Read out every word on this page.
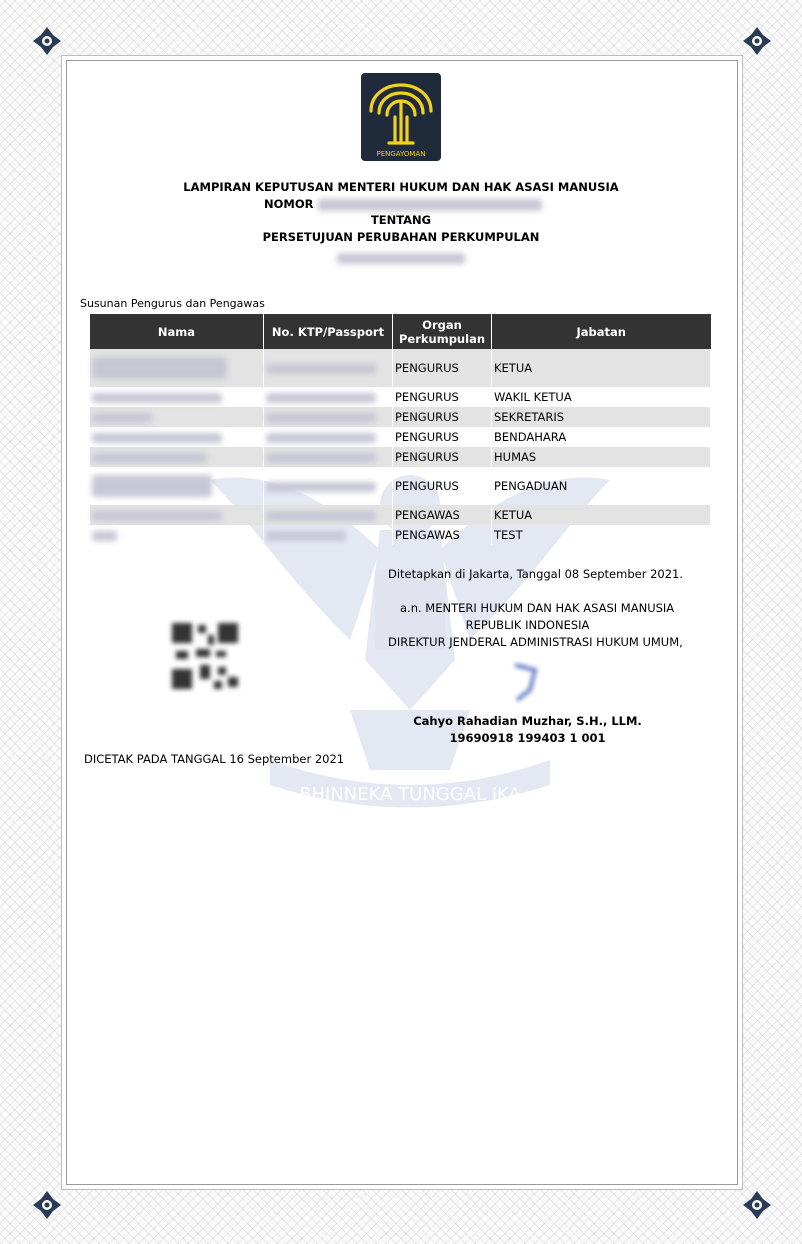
BHINNEKA TUNGGAL IKA
PENGAYOMAN
LAMPIRAN KEPUTUSAN MENTERI HUKUM DAN HAK ASASI MANUSIA
NOMOR
TENTANG
PERSETUJUAN PERUBAHAN PERKUMPULAN
Susunan Pengurus dan Pengawas
Nama	No. KTP/Passport	Organ Perkumpulan	Jabatan
		PENGURUS	KETUA
		PENGURUS	WAKIL KETUA
		PENGURUS	SEKRETARIS
		PENGURUS	BENDAHARA
		PENGURUS	HUMAS
		PENGURUS	PENGADUAN
		PENGAWAS	KETUA
		PENGAWAS	TEST
Ditetapkan di Jakarta, Tanggal 08 September 2021.
a.n. MENTERI HUKUM DAN HAK ASASI MANUSIA
REPUBLIK INDONESIA
DIREKTUR JENDERAL ADMINISTRASI HUKUM UMUM,
Cahyo Rahadian Muzhar, S.H., LLM.
19690918 199403 1 001
DICETAK PADA TANGGAL 16 September 2021
